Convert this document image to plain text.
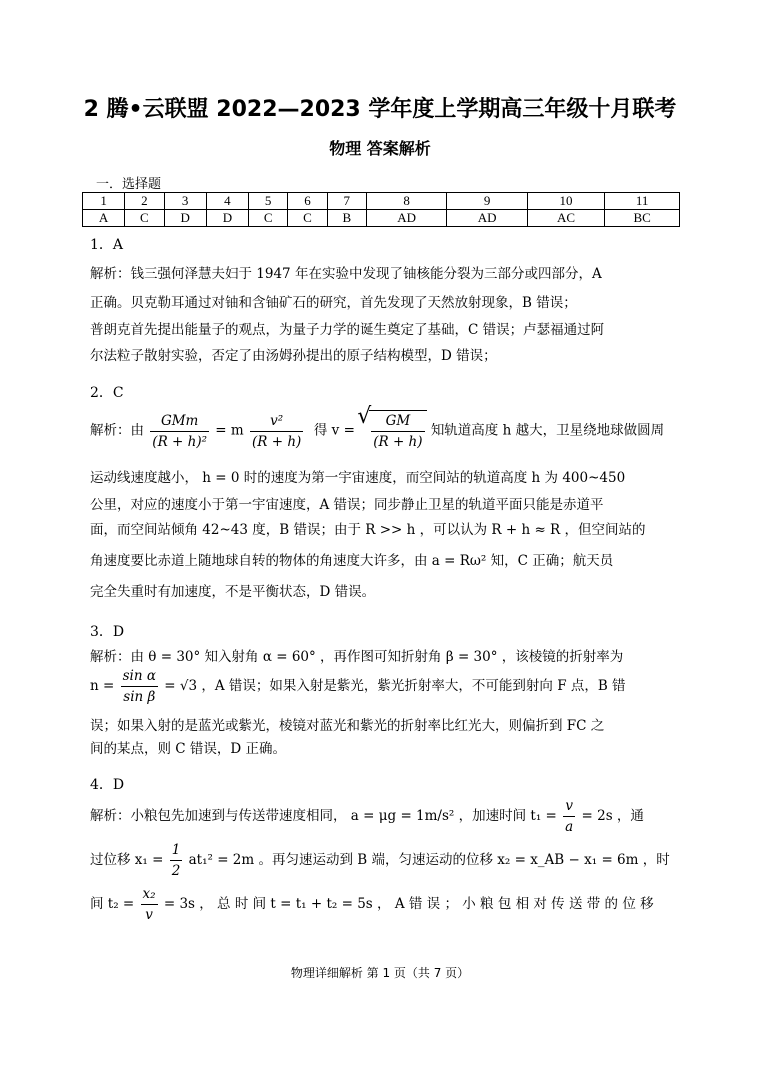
2 腾•云联盟 2022—2023 学年度上学期高三年级十月联考
物理 答案解析
一．选择题
1	2	3	4	5	6	7	8	9	10	11
A	C	D	D	C	C	B	AD	AD	AC	BC
1．A
解析：钱三强何泽慧夫妇于 1947 年在实验中发现了铀核能分裂为三部分或四部分，A
正确。贝克勒耳通过对铀和含铀矿石的研究，首先发现了天然放射现象，B 错误；
普朗克首先提出能量子的观点，为量子力学的诞生奠定了基础，C 错误；卢瑟福通过阿
尔法粒子散射实验，否定了由汤姆孙提出的原子结构模型，D 错误；
2．C
解析：由 $\frac{\text{GMm}}{\text{(R + h)²}} = m \frac{\text{v²}}{(R + h)}$ 得 v = √ $\frac{GM}{(R + h)}$ 知轨道高度 h 越大，卫星绕地球做圆周
运动线速度越小， h = 0 时的速度为第一宇宙速度，而空间站的轨道高度 h 为 400~450
公里，对应的速度小于第一宇宙速度，A 错误；同步静止卫星的轨道平面只能是赤道平
面，而空间站倾角 42~43 度，B 错误；由于 R >> h ，可以认为 R + h ≈ R ，但空间站的
角速度要比赤道上随地球自转的物体的角速度大许多，由 a = Rω² 知，C 正确；航天员
完全失重时有加速度，不是平衡状态，D 错误。
3．D
解析：由 θ = 30° 知入射角 α = 60° ，再作图可知折射角 β = 30° ，该棱镜的折射率为
$n = \frac{\text{sin α}}{\text{sin β}} = √3$ ，A 错误；如果入射是紫光，紫光折射率大，不可能到射向 F 点，B 错
误；如果入射的是蓝光或紫光，棱镜对蓝光和紫光的折射率比红光大，则偏折到 FC 之
间的某点，则 C 错误，D 正确。
4．D
解析：小粮包先加速到与传送带速度相同， a = μg = 1m/s² ，加速时间 $t_1 = \frac{v}{a} = 2s$ ，通
过位移 $x_1 = \frac{1}{2} at_1^2 = 2m$ 。再匀速运动到 B 端，匀速运动的位移 x₂ = x_AB − x₁ = 6m ，时
间 $t_2 = \frac{\text{x₂}}{v} = 3s$ ， 总 时 间 t = t₁ + t₂ = 5s ， A 错 误 ； 小 粮 包 相 对 传 送 带 的 位 移
物理详细解析 第 1 页（共 7 页）
